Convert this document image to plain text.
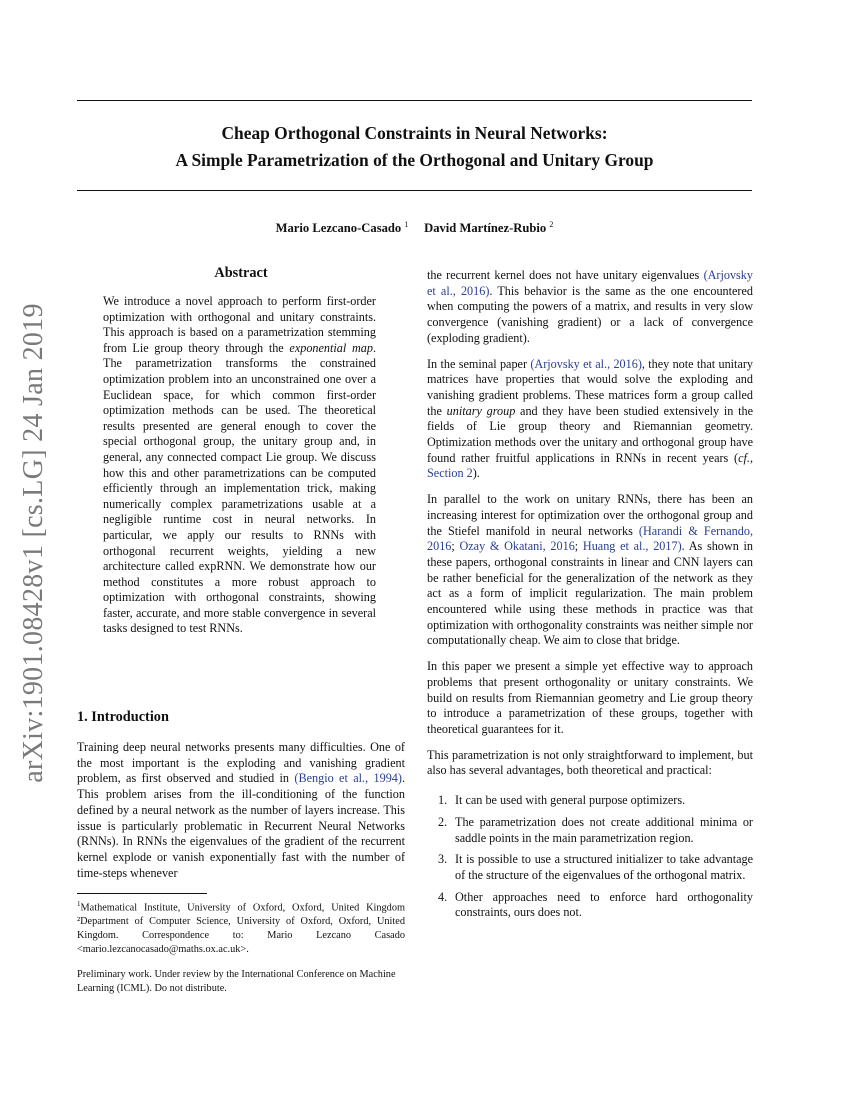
Cheap Orthogonal Constraints in Neural Networks:
A Simple Parametrization of the Orthogonal and Unitary Group
Mario Lezcano-Casado $^1$ David Martínez-Rubio $^2$
arXiv:1901.08428v1 [cs.LG] 24 Jan 2019
Abstract
We introduce a novel approach to perform first-order optimization with orthogonal and unitary constraints. This approach is based on a parametrization stemming from Lie group theory through the exponential map. The parametrization transforms the constrained optimization problem into an unconstrained one over a Euclidean space, for which common first-order optimization methods can be used. The theoretical results presented are general enough to cover the special orthogonal group, the unitary group and, in general, any connected compact Lie group. We discuss how this and other parametrizations can be computed efficiently through an implementation trick, making numerically complex parametrizations usable at a negligible runtime cost in neural networks. In particular, we apply our results to RNNs with orthogonal recurrent weights, yielding a new architecture called expRNN. We demonstrate how our method constitutes a more robust approach to optimization with orthogonal constraints, showing faster, accurate, and more stable convergence in several tasks designed to test RNNs.
1. Introduction

Training deep neural networks presents many difficulties. One of the most important is the exploding and vanishing gradient problem, as first observed and studied in (Bengio et al., 1994). This problem arises from the ill-conditioning of the function defined by a neural network as the number of layers increase. This issue is particularly problematic in Recurrent Neural Networks (RNNs). In RNNs the eigenvalues of the gradient of the recurrent kernel explode or vanish exponentially fast with the number of time-steps whenever

$^1$Mathematical Institute, University of Oxford, Oxford, United Kingdom ²Department of Computer Science, University of Oxford, Oxford, United Kingdom. Correspondence to: Mario Lezcano Casado <mario.lezcanocasado@maths.ox.ac.uk>.
Preliminary work. Under review by the International Conference on Machine Learning (ICML). Do not distribute.

the recurrent kernel does not have unitary eigenvalues (Arjovsky et al., 2016). This behavior is the same as the one encountered when computing the powers of a matrix, and results in very slow convergence (vanishing gradient) or a lack of convergence (exploding gradient).

In the seminal paper (Arjovsky et al., 2016), they note that unitary matrices have properties that would solve the exploding and vanishing gradient problems. These matrices form a group called the unitary group and they have been studied extensively in the fields of Lie group theory and Riemannian geometry. Optimization methods over the unitary and orthogonal group have found rather fruitful applications in RNNs in recent years (cf., Section 2).

In parallel to the work on unitary RNNs, there has been an increasing interest for optimization over the orthogonal group and the Stiefel manifold in neural networks (Harandi & Fernando, 2016; Ozay & Okatani, 2016; Huang et al., 2017). As shown in these papers, orthogonal constraints in linear and CNN layers can be rather beneficial for the generalization of the network as they act as a form of implicit regularization. The main problem encountered while using these methods in practice was that optimization with orthogonality constraints was neither simple nor computationally cheap. We aim to close that bridge.

In this paper we present a simple yet effective way to approach problems that present orthogonality or unitary constraints. We build on results from Riemannian geometry and Lie group theory to introduce a parametrization of these groups, together with theoretical guarantees for it.

This parametrization is not only straightforward to implement, but also has several advantages, both theoretical and practical:

1. It can be used with general purpose optimizers.
2. The parametrization does not create additional minima or saddle points in the main parametrization region.
3. It is possible to use a structured initializer to take advantage of the structure of the eigenvalues of the orthogonal matrix.
4. Other approaches need to enforce hard orthogonality constraints, ours does not.
